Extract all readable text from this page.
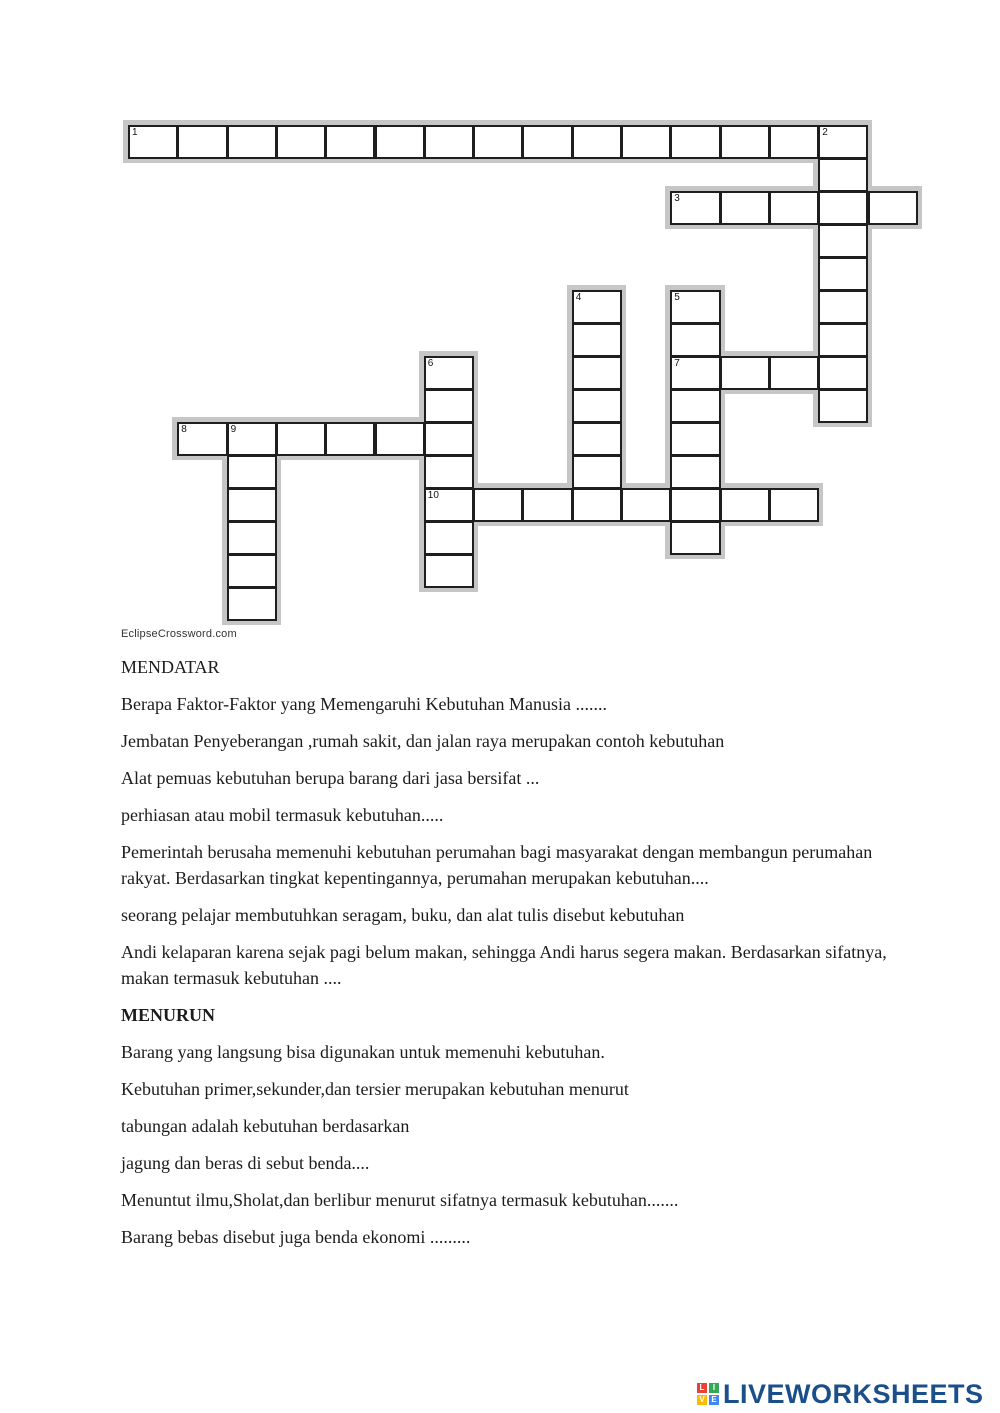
1	2
3
4	5
7
6
10
8	9
EclipseCrossword.com
MENDATAR
Berapa Faktor-Faktor yang Memengaruhi Kebutuhan Manusia .......
Jembatan Penyeberangan ,rumah sakit, dan jalan raya merupakan contoh kebutuhan
Alat pemuas kebutuhan berupa barang dari jasa bersifat ...
perhiasan atau mobil termasuk kebutuhan.....
Pemerintah berusaha memenuhi kebutuhan perumahan bagi masyarakat dengan membangun perumahan rakyat. Berdasarkan tingkat kepentingannya, perumahan merupakan kebutuhan....
seorang pelajar membutuhkan seragam, buku, dan alat tulis disebut kebutuhan
Andi kelaparan karena sejak pagi belum makan, sehingga Andi harus segera makan. Berdasarkan sifatnya, makan termasuk kebutuhan ....
MENURUN
Barang yang langsung bisa digunakan untuk memenuhi kebutuhan.
Kebutuhan primer,sekunder,dan tersier merupakan kebutuhan menurut
tabungan adalah kebutuhan berdasarkan
jagung dan beras di sebut benda....
Menuntut ilmu,Sholat,dan berlibur menurut sifatnya termasuk kebutuhan.......
Barang bebas disebut juga benda ekonomi .........
L	I
V E LIVEWORKSHEETS
